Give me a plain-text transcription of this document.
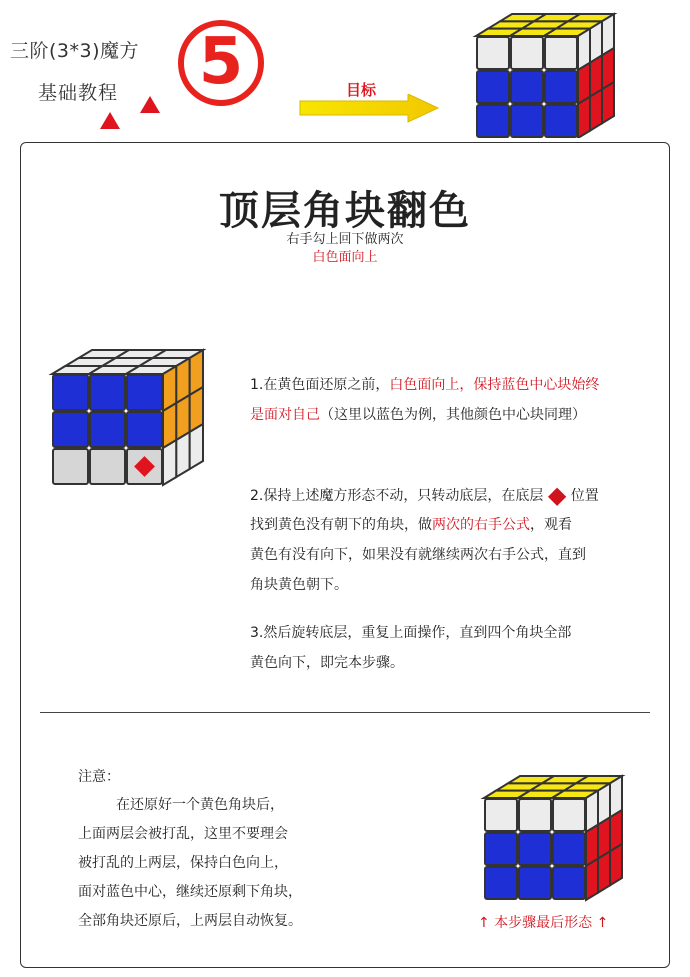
三阶(3*3)魔方
基础教程	5	目标
顶层角块翻色
右手勾上回下做两次
白色面向上
1.在黄色面还原之前，白色面向上，保持蓝色中心块始终
是面对自己（这里以蓝色为例，其他颜色中心块同理）
2.保持上述魔方形态不动，只转动底层，在底层 ◆ 位置
找到黄色没有朝下的角块，做两次的右手公式，观看
黄色有没有向下，如果没有就继续两次右手公式，直到
角块黄色朝下。
3.然后旋转底层，重复上面操作，直到四个角块全部
黄色向下，即完本步骤。
注意：
在还原好一个黄色角块后，
上面两层会被打乱，这里不要理会
被打乱的上两层，保持白色向上，
面对蓝色中心，继续还原剩下角块，
全部角块还原后，上两层自动恢复。	↑ 本步骤最后形态 ↑
